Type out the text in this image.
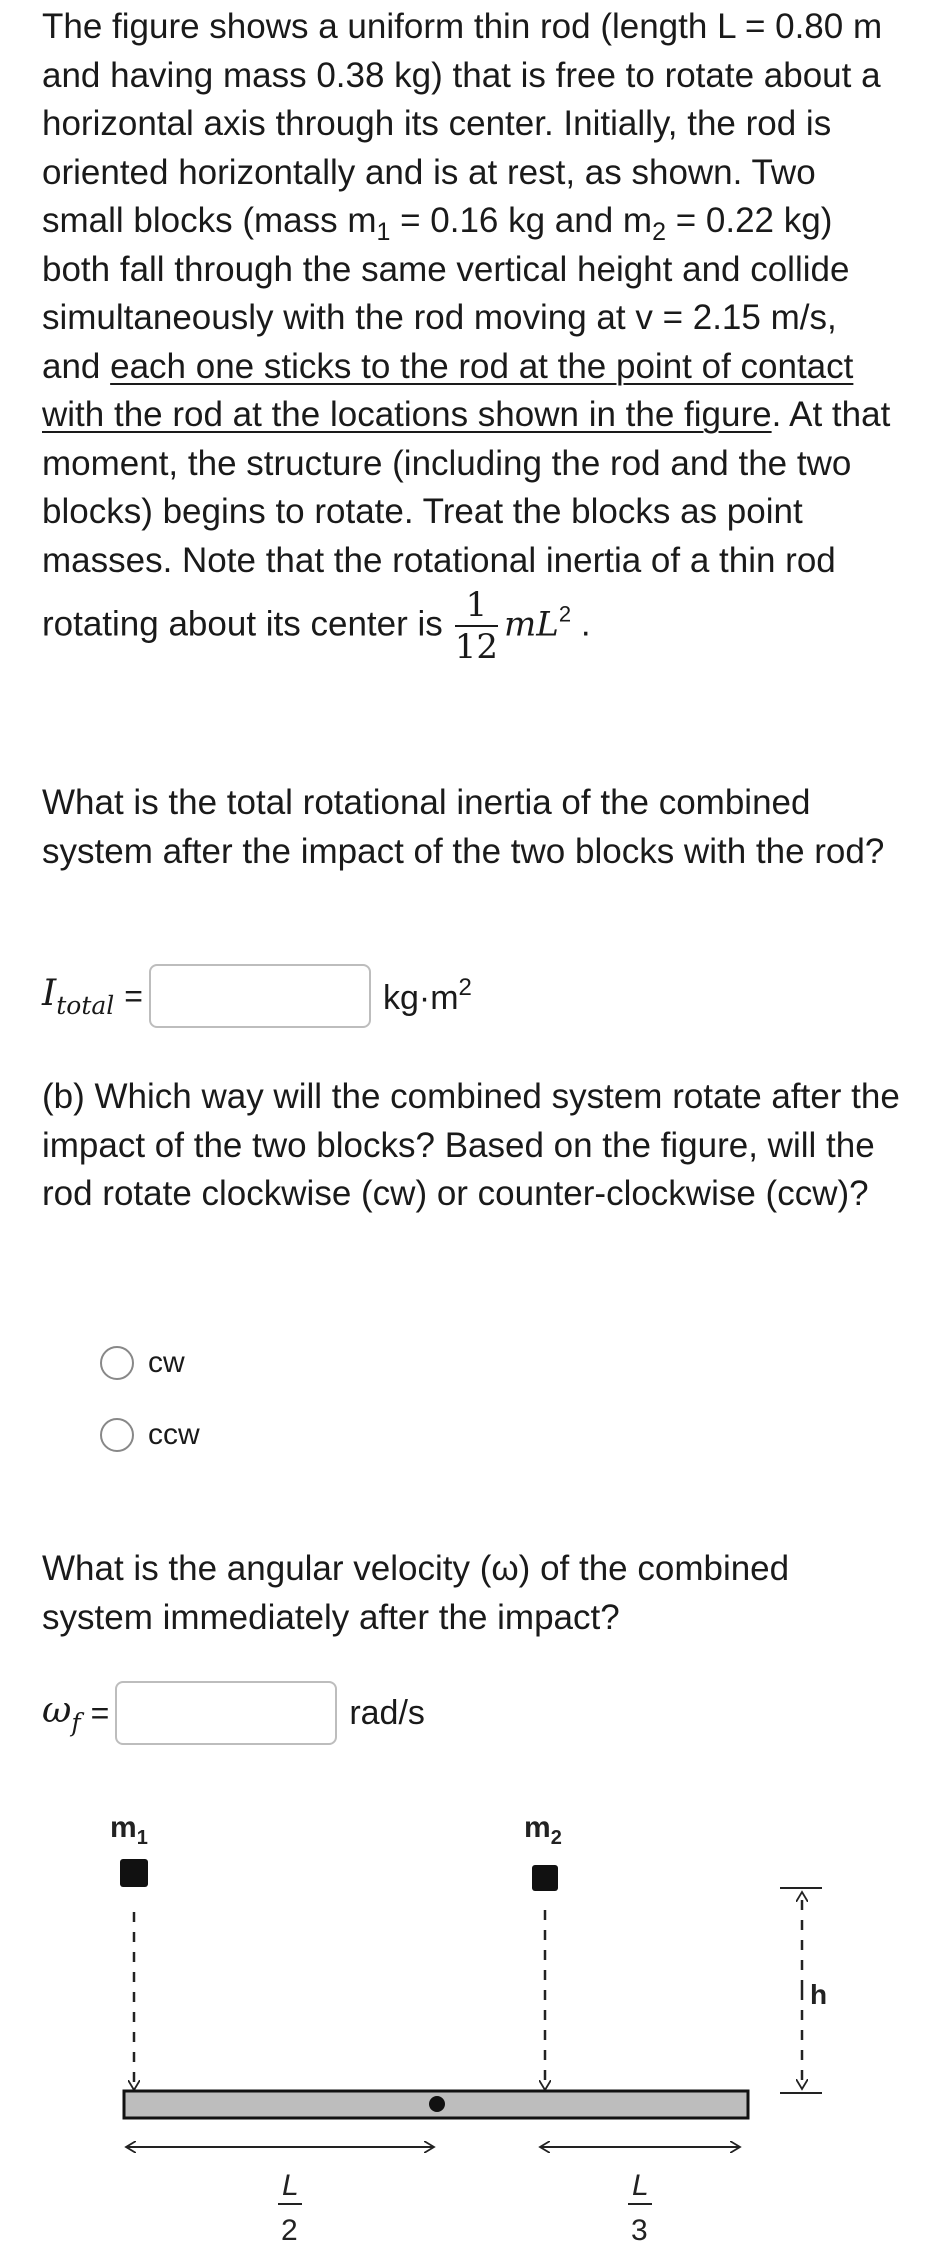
The figure shows a uniform thin rod (length L = 0.80 m and having mass 0.38 kg) that is free to rotate about a horizontal axis through its center. Initially, the rod is oriented horizontally and is at rest, as shown. Two small blocks (mass $m_1 = 0.16$ kg and $m_2 = 0.22$ kg) both fall through the same vertical height and collide simultaneously with the rod moving at v = 2.15 m/s, and each one sticks to the rod at the point of contact with the rod at the locations shown in the figure. At that moment, the structure (including the rod and the two blocks) begins to rotate. Treat the blocks as point masses. Note that the rotational inertia of a thin rod rotating about its center is $\frac{1}{12} mL^2$ .

What is the total rotational inertia of the combined system after the impact of the two blocks with the rod?

$I_{total}$ =	$kg\cdot m^2$

(b) Which way will the combined system rotate after the impact of the two blocks? Based on the figure, will the rod rotate clockwise (cw) or counter-clockwise (ccw)?

cw
ccw

What is the angular velocity (ω) of the combined system immediately after the impact?

$\omega_f$ =	rad/s
$m_1$	$m_2$
h
L
2
L
3
